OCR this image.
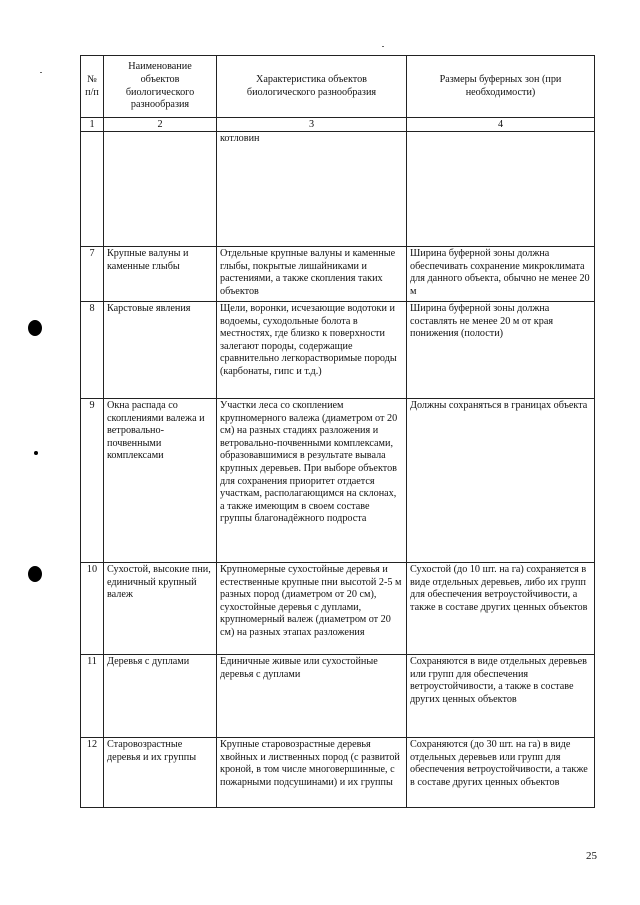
№ п/п	Наименование объектов биологического разнообразия	Характеристика объектов биологического разнообразия	Размеры буферных зон (при необходимости)
1	2	3	4
		котловин	
7	Крупные валуны и каменные глыбы	Отдельные крупные валуны и каменные глыбы, покрытые лишайниками и растениями, а также скопления таких объектов	Ширина буферной зоны должна обеспечивать сохранение микроклимата для данного объекта, обычно не менее 20 м
8	Карстовые явления	Щели, воронки, исчезающие водотоки и водоемы, суходольные болота в местностях, где близко к поверхности залегают породы, содержащие сравнительно легкорастворимые породы (карбонаты, гипс и т.д.)	Ширина буферной зоны должна составлять не менее 20 м от края понижения (полости)
9	Окна распада со скоплениями валежа и ветровально-почвенными комплексами	Участки леса со скоплением крупномерного валежа (диаметром от 20 см) на разных стадиях разложения и ветровально-почвенными комплексами, образовавшимися в результате вывала крупных деревьев. При выборе объектов для сохранения приоритет отдается участкам, располагающимся на склонах, а также имеющим в своем составе группы благонадёжного подроста	Должны сохраняться в границах объекта
10	Сухостой, высокие пни, единичный крупный валеж	Крупномерные сухостойные деревья и естественные крупные пни высотой 2-5 м разных пород (диаметром от 20 см), сухостойные деревья с дуплами, крупномерный валеж (диаметром от 20 см) на разных этапах разложения	Сухостой (до 10 шт. на га) сохраняется в виде отдельных деревьев, либо их групп для обеспечения ветроустойчивости, а также в составе других ценных объектов
11	Деревья с дуплами	Единичные живые или сухостойные деревья с дуплами	Сохраняются в виде отдельных деревьев или групп для обеспечения ветроустойчивости, а также в составе других ценных объектов
12	Старовозрастные деревья и их группы	Крупные старовозрастные деревья хвойных и лиственных пород (с развитой кроной, в том числе многовершинные, с пожарными подсушинами) и их группы	Сохраняются (до 30 шт. на га) в виде отдельных деревьев или групп для обеспечения ветроустойчивости, а также в составе других ценных объектов
25
